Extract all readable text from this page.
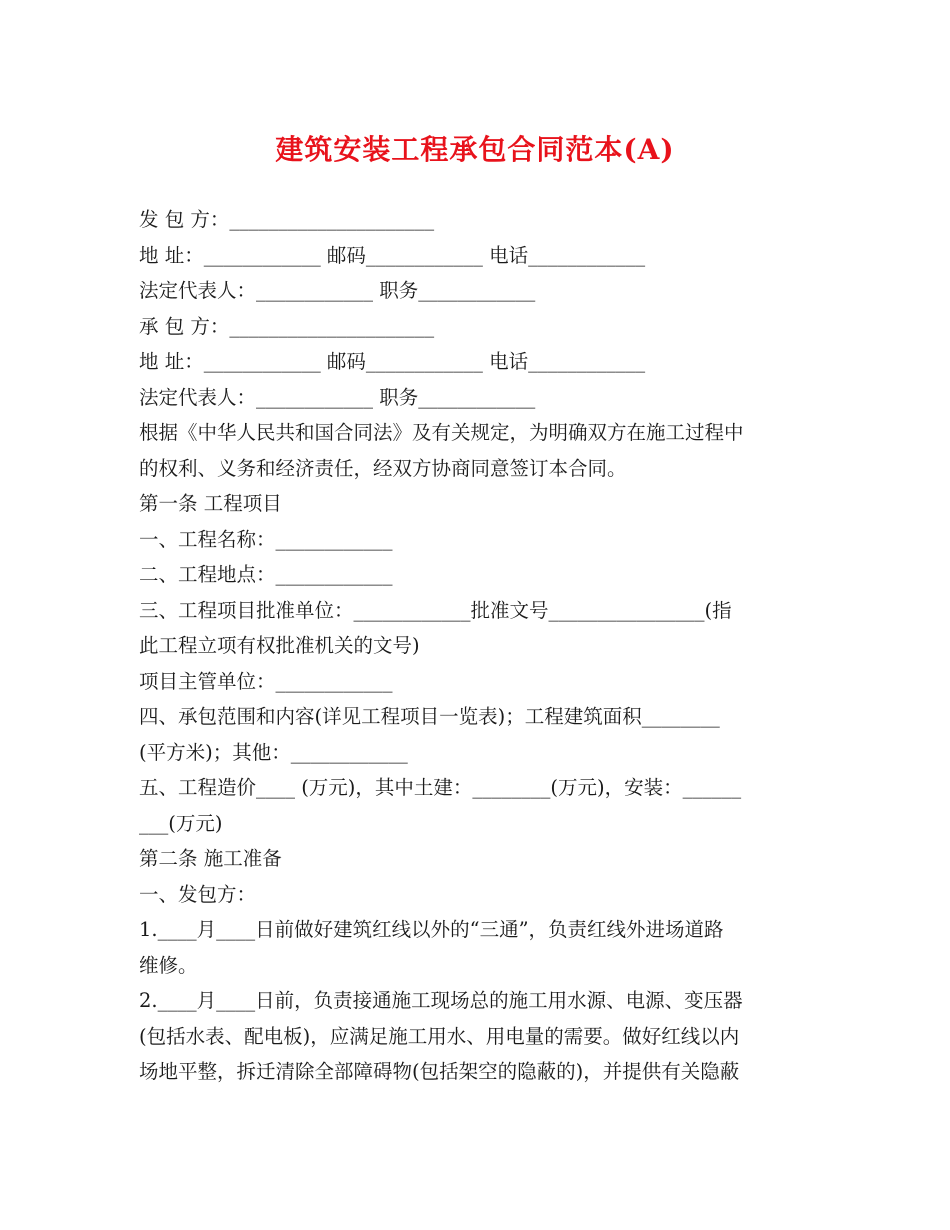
建筑安装工程承包合同范本(A)
发 包 方：_____________________
地 址：____________ 邮码____________ 电话____________
法定代表人：____________ 职务____________
承 包 方：_____________________
地 址：____________ 邮码____________ 电话____________
法定代表人：____________ 职务____________
根据《中华人民共和国合同法》及有关规定，为明确双方在施工过程中
的权利、义务和经济责任，经双方协商同意签订本合同。
第一条 工程项目
一、工程名称：____________
二、工程地点：____________
三、工程项目批准单位：____________批准文号________________(指
此工程立项有权批准机关的文号)
项目主管单位：____________
四、承包范围和内容(详见工程项目一览表)；工程建筑面积________
(平方米)；其他：____________
五、工程造价____ (万元)，其中土建：________(万元)，安装：______
___(万元)
第二条 施工准备
一、发包方：
1.____月____日前做好建筑红线以外的“三通”，负责红线外进场道路
维修。
2.____月____日前，负责接通施工现场总的施工用水源、电源、变压器
(包括水表、配电板)，应满足施工用水、用电量的需要。做好红线以内
场地平整，拆迁清除全部障碍物(包括架空的隐蔽的)，并提供有关隐蔽
